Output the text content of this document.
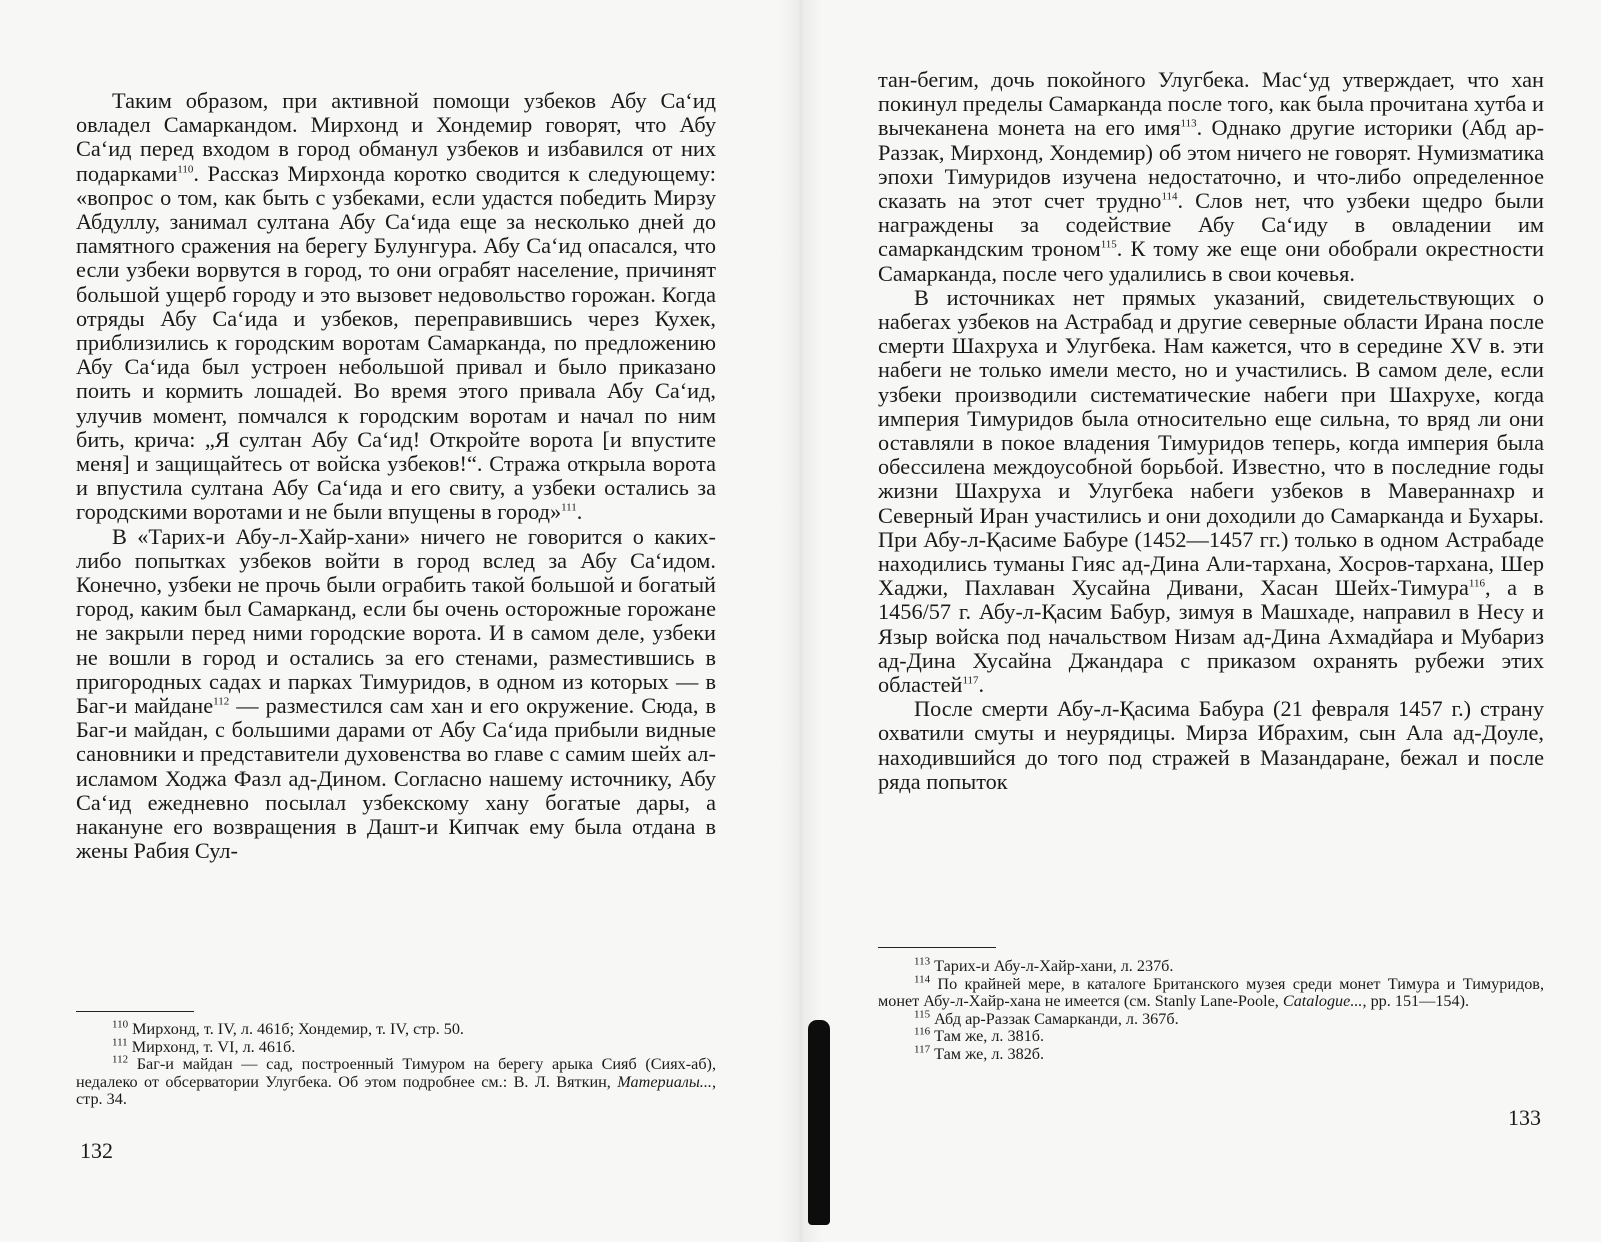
Таким образом, при активной помощи узбеков Абу Саʻид овладел Самаркандом. Мирхонд и Хондемир говорят, что Абу Саʻид перед входом в город обманул узбеков и избавился от них подарками$^{110}$. Рассказ Мирхонда коротко сводится к следующему: «вопрос о том, как быть с узбеками, если удастся победить Мирзу Абдуллу, занимал султана Абу Саʻида еще за несколько дней до памятного сражения на берегу Булунгура. Абу Саʻид опасался, что если узбеки ворвутся в город, то они ограбят население, причинят большой ущерб городу и это вызовет недовольство горожан. Когда отряды Абу Саʻида и узбеков, переправившись через Кухек, приблизились к городским воротам Самарканда, по предложению Абу Саʻида был устроен небольшой привал и было приказано поить и кормить лошадей. Во время этого привала Абу Саʻид, улучив момент, помчался к городским воротам и начал по ним бить, крича: „Я султан Абу Саʻид! Откройте ворота [и впустите меня] и защищайтесь от войска узбеков!“. Стража открыла ворота и впустила султана Абу Саʻида и его свиту, а узбеки остались за городскими воротами и не были впущены в город»$^{111}$.

В «Тарих-и Абу-л-Хайр-хани» ничего не говорится о каких-либо попытках узбеков войти в город вслед за Абу Саʻидом. Конечно, узбеки не прочь были ограбить такой большой и богатый город, каким был Самарканд, если бы очень осторожные горожане не закрыли перед ними городские ворота. И в самом деле, узбеки не вошли в город и остались за его стенами, разместившись в пригородных садах и парках Тимуридов, в одном из которых — в Баг-и майдане$^{112}$ — разместился сам хан и его окружение. Сюда, в Баг-и майдан, с большими дарами от Абу Саʻида прибыли видные сановники и представители духовенства во главе с самим шейх ал-исламом Ходжа Фазл ад-Дином. Согласно нашему источнику, Абу Саʻид ежедневно посылал узбекскому хану богатые дары, а накануне его возвращения в Дашт-и Кипчак ему была отдана в жены Рабия Сул-

$^{110}$ Мирхонд, т. IV, л. 461б; Хондемир, т. IV, стр. 50.

$^{111}$ Мирхонд, т. VI, л. 461б.

$^{112}$ Баг-и майдан — сад, построенный Тимуром на берегу арыка Сияб (Сиях-аб), недалеко от обсерватории Улугбека. Об этом подробнее см.: В. Л. Вяткин, Материалы..., стр. 34.

132

тан-бегим, дочь покойного Улугбека. Масʻуд утверждает, что хан покинул пределы Самарканда после того, как была прочитана хутба и вычеканена монета на его имя$^{113}$. Однако другие историки (Абд ар-Раззак, Мирхонд, Хондемир) об этом ничего не говорят. Нумизматика эпохи Тимуридов изучена недостаточно, и что-либо определенное сказать на этот счет трудно$^{114}$. Слов нет, что узбеки щедро были награждены за содействие Абу Саʻиду в овладении им самаркандским троном$^{115}$. К тому же еще они обобрали окрестности Самарканда, после чего удалились в свои кочевья.

В источниках нет прямых указаний, свидетельствующих о набегах узбеков на Астрабад и другие северные области Ирана после смерти Шахруха и Улугбека. Нам кажется, что в середине XV в. эти набеги не только имели место, но и участились. В самом деле, если узбеки производили систематические набеги при Шахрухе, когда империя Тимуридов была относительно еще сильна, то вряд ли они оставляли в покое владения Тимуридов теперь, когда империя была обессилена междоусобной борьбой. Известно, что в последние годы жизни Шахруха и Улугбека набеги узбеков в Мавераннахр и Северный Иран участились и они доходили до Самарканда и Бухары. При Абу-л-Қасиме Бабуре (1452—1457 гг.) только в одном Астрабаде находились туманы Гияс ад-Дина Али-тархана, Хосров-тархана, Шер Хаджи, Пахлаван Хусайна Дивани, Хасан Шейх-Тимура$^{116}$, а в 1456/57 г. Абу-л-Қасим Бабур, зимуя в Машхаде, направил в Несу и Языр войска под начальством Низам ад-Дина Ахмадйара и Мубариз ад-Дина Хусайна Джандара с приказом охранять рубежи этих областей$^{117}$.

После смерти Абу-л-Қасима Бабура (21 февраля 1457 г.) страну охватили смуты и неурядицы. Мирза Ибрахим, сын Ала ад-Доуле, находившийся до того под стражей в Мазандаране, бежал и после ряда попыток

$^{113}$ Тарих-и Абу-л-Хайр-хани, л. 237б.

$^{114}$ По крайней мере, в каталоге Британского музея среди монет Тимура и Тимуридов, монет Абу-л-Хайр-хана не имеется (см. Stanly Lane-Poole, Catalogue..., pp. 151—154).

$^{115}$ Абд ар-Раззак Самарканди, л. 367б.

$^{116}$ Там же, л. 381б.

$^{117}$ Там же, л. 382б.

133
